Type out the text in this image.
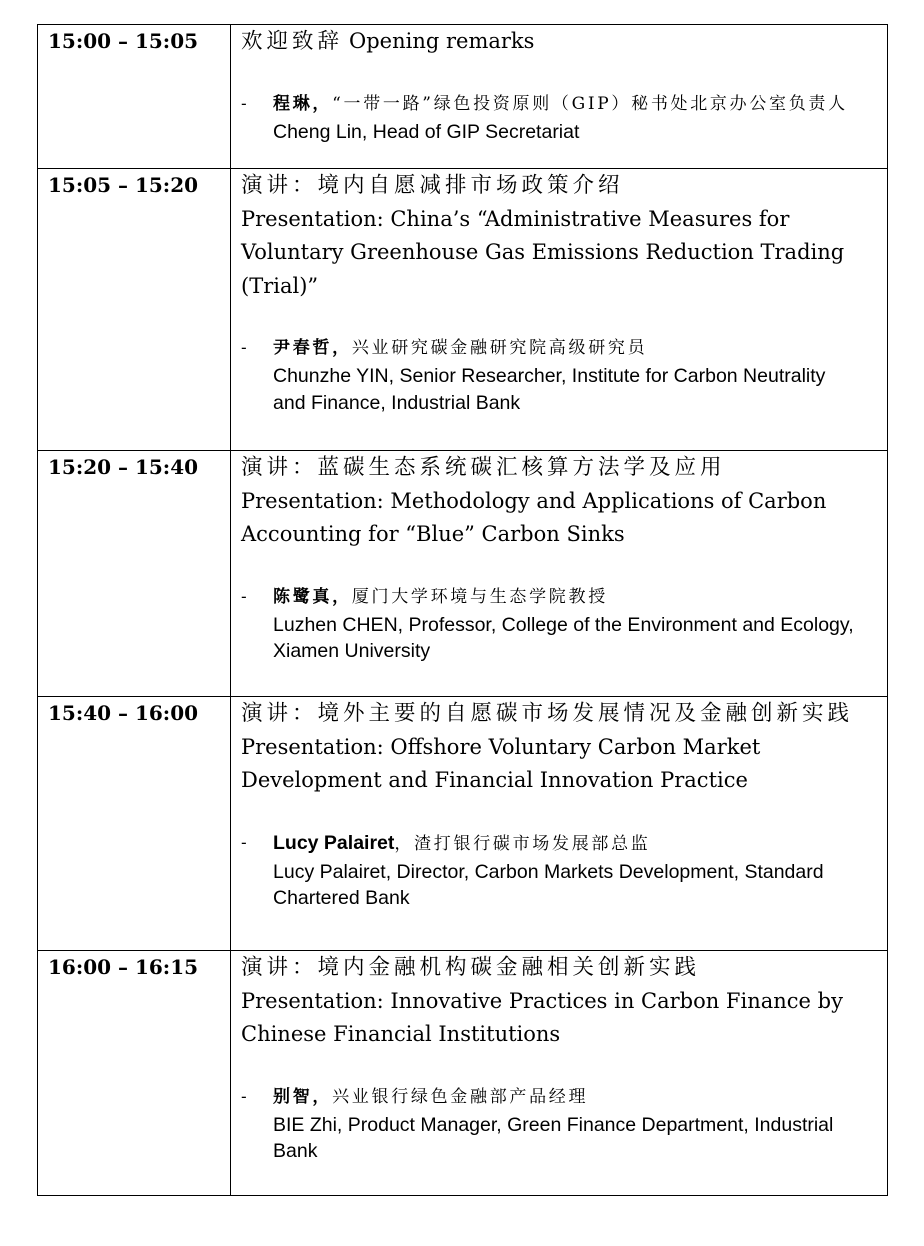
15:00 – 15:05	欢迎致辞 Opening remarks
- 程琳，“一带一路”绿色投资原则（GIP）秘书处北京办公室负责人
Cheng Lin, Head of GIP Secretariat
15:05 – 15:20	演讲：境内自愿减排市场政策介绍
Presentation: China’s “Administrative Measures for
Voluntary Greenhouse Gas Emissions Reduction Trading
(Trial)”
- 尹春哲，兴业研究碳金融研究院高级研究员
Chunzhe YIN, Senior Researcher, Institute for Carbon Neutrality
and Finance, Industrial Bank
15:20 – 15:40	演讲：蓝碳生态系统碳汇核算方法学及应用
Presentation: Methodology and Applications of Carbon
Accounting for “Blue” Carbon Sinks
- 陈鹭真，厦门大学环境与生态学院教授
Luzhen CHEN, Professor, College of the Environment and Ecology,
Xiamen University
15:40 – 16:00	演讲：境外主要的自愿碳市场发展情况及金融创新实践
Presentation: Offshore Voluntary Carbon Market
Development and Financial Innovation Practice
- Lucy Palairet，渣打银行碳市场发展部总监
Lucy Palairet, Director, Carbon Markets Development, Standard
Chartered Bank
16:00 – 16:15	演讲：境内金融机构碳金融相关创新实践
Presentation: Innovative Practices in Carbon Finance by
Chinese Financial Institutions
- 别智，兴业银行绿色金融部产品经理
BIE Zhi, Product Manager, Green Finance Department, Industrial
Bank
